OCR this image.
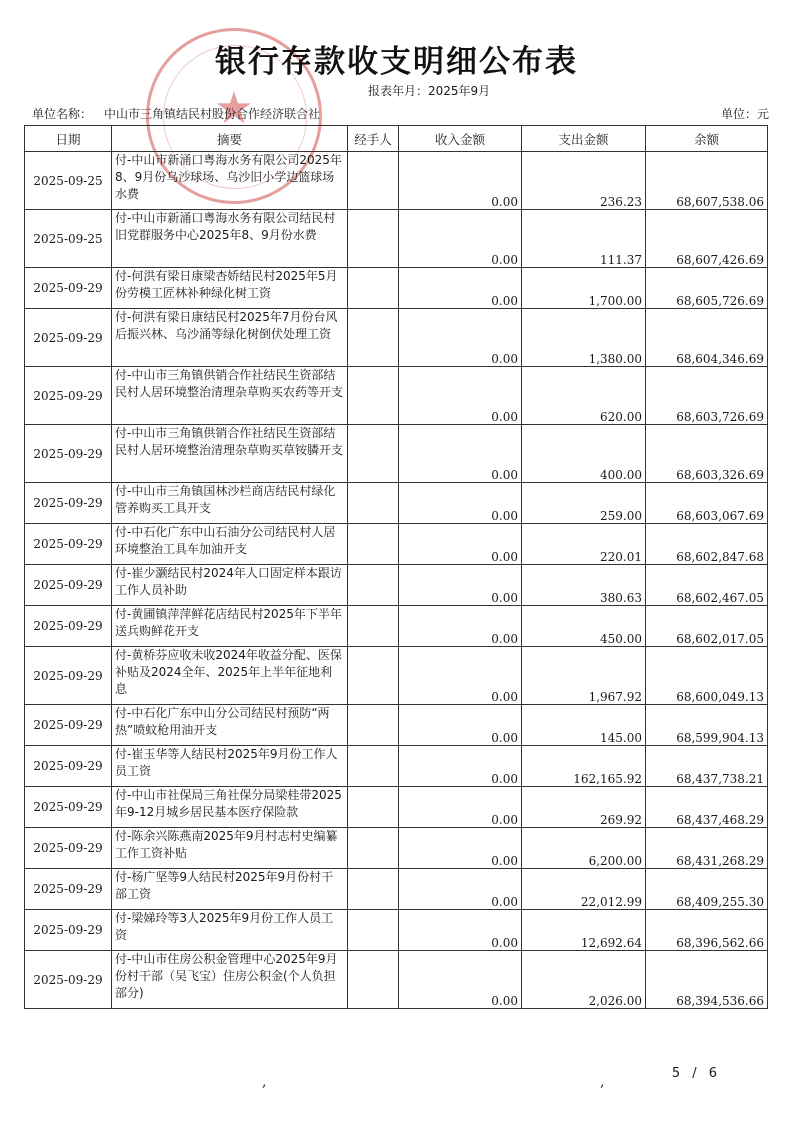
★
银行存款收支明细公布表
报表年月：2025年9月
单位名称： 中山市三角镇结民村股份合作经济联合社	单位：元
日期	摘要	经手人	收入金额	支出金额	余额
2025-09-25	付-中山市新涌口粤海水务有限公司2025年8、9月份乌沙球场、乌沙旧小学边篮球场水费		0.00	236.23	68,607,538.06
2025-09-25	付-中山市新涌口粤海水务有限公司结民村旧党群服务中心2025年8、9月份水费		0.00	111.37	68,607,426.69
2025-09-29	付-何洪有梁日康梁杏娇结民村2025年5月份劳模工匠林补种绿化树工资		0.00	1,700.00	68,605,726.69
2025-09-29	付-何洪有梁日康结民村2025年7月份台风后振兴林、乌沙涌等绿化树倒伏处理工资		0.00	1,380.00	68,604,346.69
2025-09-29	付-中山市三角镇供销合作社结民生资部结民村人居环境整治清理杂草购买农药等开支		0.00	620.00	68,603,726.69
2025-09-29	付-中山市三角镇供销合作社结民生资部结民村人居环境整治清理杂草购买草铵膦开支		0.00	400.00	68,603,326.69
2025-09-29	付-中山市三角镇国林沙栏商店结民村绿化管养购买工具开支		0.00	259.00	68,603,067.69
2025-09-29	付-中石化广东中山石油分公司结民村人居环境整治工具车加油开支		0.00	220.01	68,602,847.68
2025-09-29	付-崔少灏结民村2024年人口固定样本跟访工作人员补助		0.00	380.63	68,602,467.05
2025-09-29	付-黄圃镇萍萍鲜花店结民村2025年下半年送兵购鲜花开支		0.00	450.00	68,602,017.05
2025-09-29	付-黄桥芬应收未收2024年收益分配、医保补贴及2024全年、2025年上半年征地利息		0.00	1,967.92	68,600,049.13
2025-09-29	付-中石化广东中山分公司结民村预防“两热”喷蚊枪用油开支		0.00	145.00	68,599,904.13
2025-09-29	付-崔玉华等人结民村2025年9月份工作人员工资		0.00	162,165.92	68,437,738.21
2025-09-29	付-中山市社保局三角社保分局梁桂带2025年9-12月城乡居民基本医疗保险款		0.00	269.92	68,437,468.29
2025-09-29	付-陈余兴陈燕南2025年9月村志村史编纂工作工资补贴		0.00	6,200.00	68,431,268.29
2025-09-29	付-杨广坚等9人结民村2025年9月份村干部工资		0.00	22,012.99	68,409,255.30
2025-09-29	付-梁娣玲等3人2025年9月份工作人员工资		0.00	12,692.64	68,396,562.66
2025-09-29	付-中山市住房公积金管理中心2025年9月份村干部（吴飞宝）住房公积金(个人负担部分)		0.00	2,026.00	68,394,536.66
5 / 6
,	,
